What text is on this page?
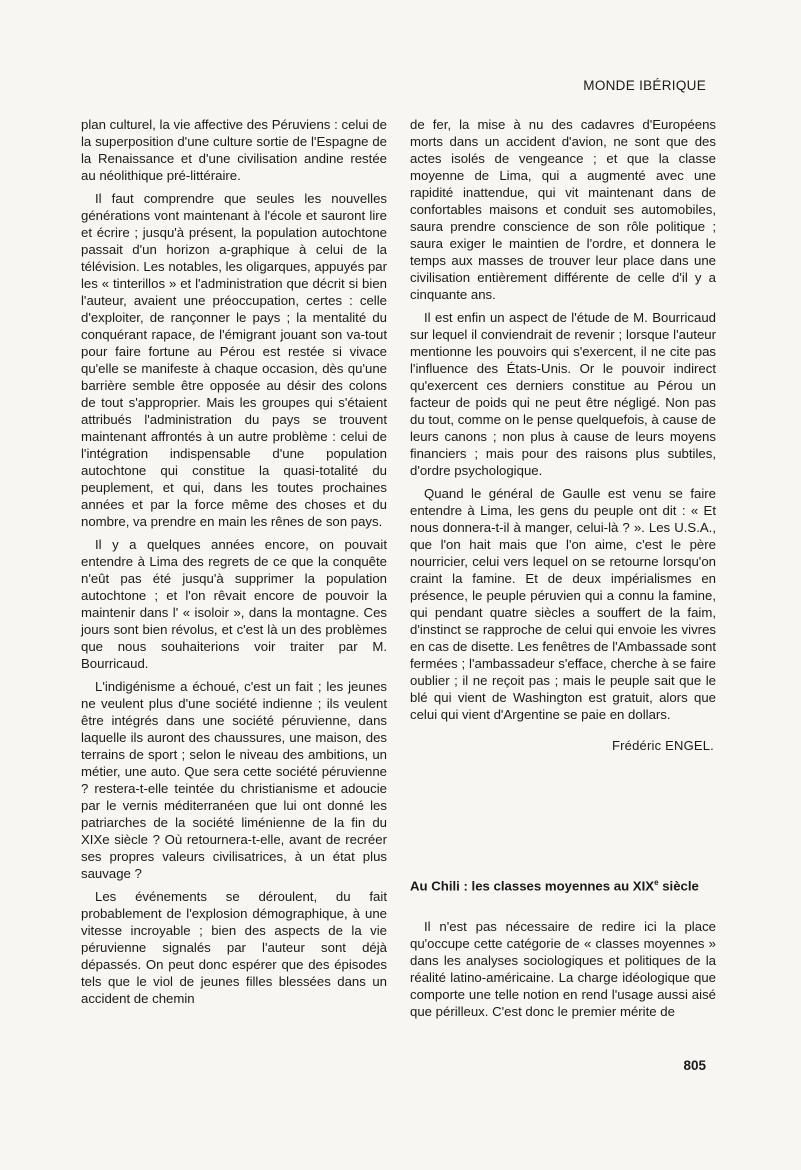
MONDE IBÉRIQUE

plan culturel, la vie affective des Péruviens : celui de la superposition d'une culture sortie de l'Espagne de la Renaissance et d'une civilisation andine restée au néolithique pré-littéraire.

Il faut comprendre que seules les nouvelles générations vont maintenant à l'école et sauront lire et écrire ; jusqu'à présent, la population autochtone passait d'un horizon a-graphique à celui de la télévision. Les notables, les oligarques, appuyés par les « tinterillos » et l'administration que décrit si bien l'auteur, avaient une préoccupation, certes : celle d'exploiter, de rançonner le pays ; la mentalité du conquérant rapace, de l'émigrant jouant son va-tout pour faire fortune au Pérou est restée si vivace qu'elle se manifeste à chaque occasion, dès qu'une barrière semble être opposée au désir des colons de tout s'approprier. Mais les groupes qui s'étaient attribués l'administration du pays se trouvent maintenant affrontés à un autre problème : celui de l'intégration indispensable d'une population autochtone qui constitue la quasi-totalité du peuplement, et qui, dans les toutes prochaines années et par la force même des choses et du nombre, va prendre en main les rênes de son pays.

Il y a quelques années encore, on pouvait entendre à Lima des regrets de ce que la conquête n'eût pas été jusqu'à supprimer la population autochtone ; et l'on rêvait encore de pouvoir la maintenir dans l' « isoloir », dans la montagne. Ces jours sont bien révolus, et c'est là un des problèmes que nous souhaiterions voir traiter par M. Bourricaud.

L'indigénisme a échoué, c'est un fait ; les jeunes ne veulent plus d'une société indienne ; ils veulent être intégrés dans une société péruvienne, dans laquelle ils auront des chaussures, une maison, des terrains de sport ; selon le niveau des ambitions, un métier, une auto. Que sera cette société péruvienne ? restera-t-elle teintée du christianisme et adoucie par le vernis méditerranéen que lui ont donné les patriarches de la société liménienne de la fin du XIXe siècle ? Où retournera-t-elle, avant de recréer ses propres valeurs civilisatrices, à un état plus sauvage ?

Les événements se déroulent, du fait probablement de l'explosion démographique, à une vitesse incroyable ; bien des aspects de la vie péruvienne signalés par l'auteur sont déjà dépassés. On peut donc espérer que des épisodes tels que le viol de jeunes filles blessées dans un accident de chemin

de fer, la mise à nu des cadavres d'Européens morts dans un accident d'avion, ne sont que des actes isolés de vengeance ; et que la classe moyenne de Lima, qui a augmenté avec une rapidité inattendue, qui vit maintenant dans de confortables maisons et conduit ses automobiles, saura prendre conscience de son rôle politique ; saura exiger le maintien de l'ordre, et donnera le temps aux masses de trouver leur place dans une civilisation entièrement différente de celle d'il y a cinquante ans.

Il est enfin un aspect de l'étude de M. Bourricaud sur lequel il conviendrait de revenir ; lorsque l'auteur mentionne les pouvoirs qui s'exercent, il ne cite pas l'influence des États-Unis. Or le pouvoir indirect qu'exercent ces derniers constitue au Pérou un facteur de poids qui ne peut être négligé. Non pas du tout, comme on le pense quelquefois, à cause de leurs canons ; non plus à cause de leurs moyens financiers ; mais pour des raisons plus subtiles, d'ordre psychologique.

Quand le général de Gaulle est venu se faire entendre à Lima, les gens du peuple ont dit : « Et nous donnera-t-il à manger, celui-là ? ». Les U.S.A., que l'on hait mais que l'on aime, c'est le père nourricier, celui vers lequel on se retourne lorsqu'on craint la famine. Et de deux impérialismes en présence, le peuple péruvien qui a connu la famine, qui pendant quatre siècles a souffert de la faim, d'instinct se rapproche de celui qui envoie les vivres en cas de disette. Les fenêtres de l'Ambassade sont fermées ; l'ambassadeur s'efface, cherche à se faire oublier ; il ne reçoit pas ; mais le peuple sait que le blé qui vient de Washington est gratuit, alors que celui qui vient d'Argentine se paie en dollars.

Frédéric ENGEL.
Au Chili : les classes moyennes au XIXe siècle

Il n'est pas nécessaire de redire ici la place qu'occupe cette catégorie de « classes moyennes » dans les analyses sociologiques et politiques de la réalité latino-américaine. La charge idéologique que comporte une telle notion en rend l'usage aussi aisé que périlleux. C'est donc le premier mérite de

805
